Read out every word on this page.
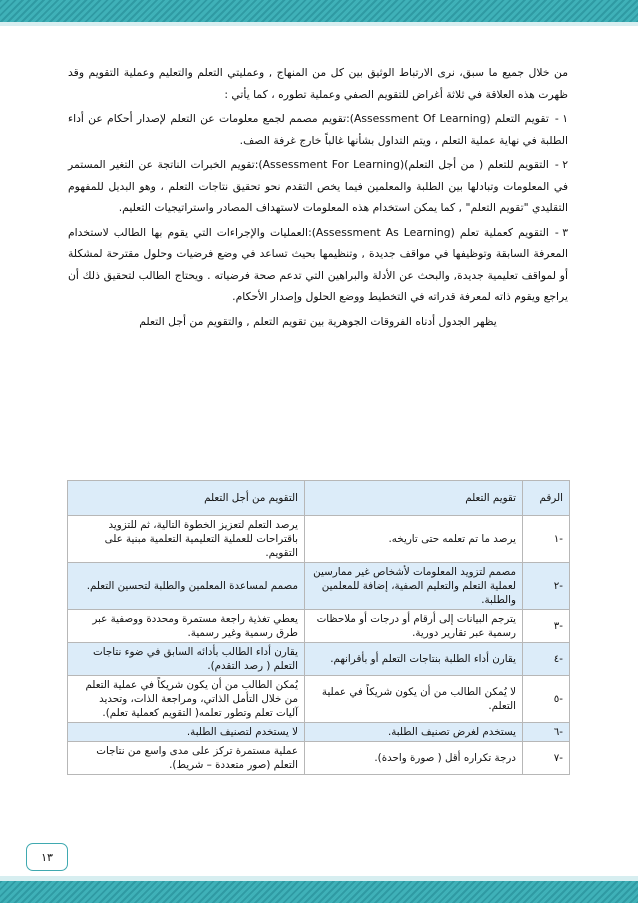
من خلال جميع ما سبق، نرى الارتباط الوثيق بين كل من المنهاج , وعمليتي التعلم والتعليم وعملية التقويم وقد ظهرت هذه العلاقة في ثلاثة أغراض للتقويم الصفي وعملية تطوره ، كما يأتي :

١ -تقويم التعلم (Assessment Of Learning):تقويم مصمم لجمع معلومات عن التعلم لإصدار أحكام عن أداء الطلبة في نهاية عملية التعلم ، ويتم التداول بشأنها غالباً خارج غرفة الصف.

٢ -التقويم للتعلم ( من أجل التعلم)(Assessment For Learning):تقويم الخبرات الناتجة عن التغير المستمر في المعلومات وتبادلها بين الطلبة والمعلمين فيما يخص التقدم نحو تحقيق نتاجات التعلم ، وهو البديل للمفهوم التقليدي "تقويم التعلم" , كما يمكن استخدام هذه المعلومات لاستهداف المصادر واستراتيجيات التعليم.

٣ -التقويم كعملية تعلم (Assessment As Learning):العمليات والإجراءات التي يقوم بها الطالب لاستخدام المعرفة السابقة وتوظيفها في مواقف جديدة , وتنظيمها بحيث تساعد في وضع فرضيات وحلول مقترحة لمشكلة أو لمواقف تعليمية جديدة, والبحث عن الأدلة والبراهين التي تدعم صحة فرضياته . ويحتاج الطالب لتحقيق ذلك أن يراجع ويقوم ذاته لمعرفة قدراته في التخطيط ووضع الحلول وإصدار الأحكام.

يظهر الجدول أدناه الفروقات الجوهرية بين تقويم التعلم , والتقويم من أجل التعلم

الرقم	تقويم التعلم	التقويم من أجل التعلم
-١	يرصد ما تم تعلمه حتى تاريخه.	يرصد التعلم لتعزيز الخطوة التالية، ثم للتزويد باقتراحات للعملية التعليمية التعلمية مبنية على التقويم.
-٢	مصمم لتزويد المعلومات لأشخاص غير ممارسين لعملية التعلم والتعليم الصفية، إضافة للمعلمين والطلبة.	مصمم لمساعدة المعلمين والطلبة لتحسين التعلم.
-٣	يترجم البيانات إلى أرقام أو درجات أو ملاحظات رسمية عبر تقارير دورية.	يعطي تغذية راجعة مستمرة ومحددة ووصفية عبر طرق رسمية وغير رسمية.
-٤	يقارن أداء الطلبة بنتاجات التعلم أو بأقرانهم.	يقارن أداء الطالب بأدائه السابق في ضوء نتاجات التعلم ( رصد التقدم).
-٥	لا يُمكن الطالب من أن يكون شريكاً في عملية التعلم.	يُمكن الطالب من أن يكون شريكاً في عملية التعلم من خلال التأمل الذاتي، ومراجعة الذات، وتحديد آليات تعلم وتطور تعلمه( التقويم كعملية تعلم).
-٦	يستخدم لغرض تصنيف الطلبة.	لا يستخدم لتصنيف الطلبة.
-٧	درجة تكراره أقل ( صورة واحدة).	عملية مستمرة تركز على مدى واسع من نتاجات التعلم (صور متعددة – شريط).
١٣
